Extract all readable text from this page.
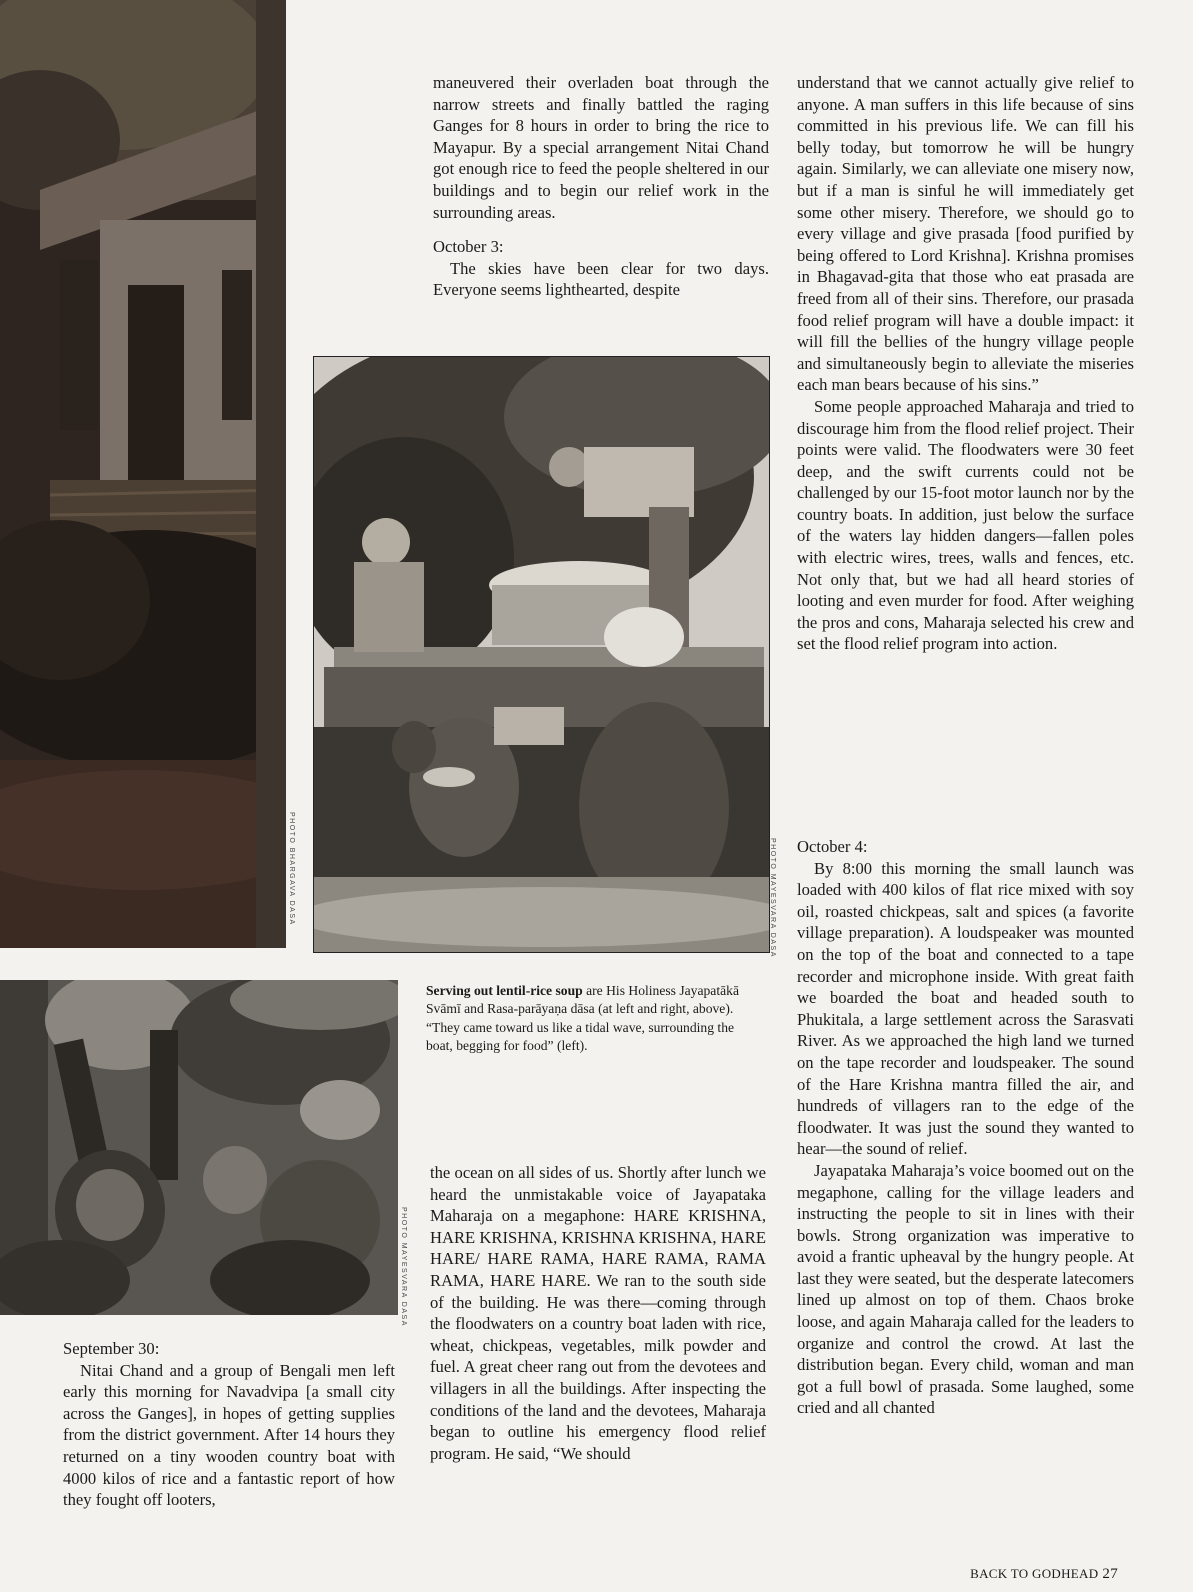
PHOTO BHARGAVA DASA	PHOTO MAYESVARA DASA
PHOTO MAYESVARA DASA

maneuvered their overladen boat through the narrow streets and finally battled the raging Ganges for 8 hours in order to bring the rice to Mayapur. By a special arrangement Nitai Chand got enough rice to feed the people sheltered in our buildings and to begin our relief work in the surrounding areas.

October 3:

The skies have been clear for two days. Everyone seems lighthearted, despite

Serving out lentil-rice soup are His Holiness Jayapatākā Svāmī and Rasa-parāyaṇa dāsa (at left and right, above). “They came toward us like a tidal wave, surrounding the boat, begging for food” (left).

the ocean on all sides of us. Shortly after lunch we heard the unmistakable voice of Jayapataka Maharaja on a megaphone: HARE KRISHNA, HARE KRISHNA, KRISHNA KRISHNA, HARE HARE/ HARE RAMA, HARE RAMA, RAMA RAMA, HARE HARE. We ran to the south side of the building. He was there—coming through the floodwaters on a country boat laden with rice, wheat, chickpeas, vegetables, milk powder and fuel. A great cheer rang out from the devotees and villagers in all the buildings. After inspecting the conditions of the land and the devotees, Maharaja began to outline his emergency flood relief program. He said, “We should

September 30:

Nitai Chand and a group of Bengali men left early this morning for Navadvipa [a small city across the Ganges], in hopes of getting supplies from the district government. After 14 hours they returned on a tiny wooden country boat with 4000 kilos of rice and a fantastic report of how they fought off looters,

understand that we cannot actually give relief to anyone. A man suffers in this life because of sins committed in his previous life. We can fill his belly today, but tomorrow he will be hungry again. Similarly, we can alleviate one misery now, but if a man is sinful he will immediately get some other misery. Therefore, we should go to every village and give prasada [food purified by being offered to Lord Krishna]. Krishna promises in Bhagavad-gita that those who eat prasada are freed from all of their sins. Therefore, our prasada food relief program will have a double impact: it will fill the bellies of the hungry village people and simultaneously begin to alleviate the miseries each man bears because of his sins.”

Some people approached Maharaja and tried to discourage him from the flood relief project. Their points were valid. The floodwaters were 30 feet deep, and the swift currents could not be challenged by our 15-foot motor launch nor by the country boats. In addition, just below the surface of the waters lay hidden dangers—fallen poles with electric wires, trees, walls and fences, etc. Not only that, but we had all heard stories of looting and even murder for food. After weighing the pros and cons, Maharaja selected his crew and set the flood relief program into action.

October 4:

By 8:00 this morning the small launch was loaded with 400 kilos of flat rice mixed with soy oil, roasted chickpeas, salt and spices (a favorite village preparation). A loudspeaker was mounted on the top of the boat and connected to a tape recorder and microphone inside. With great faith we boarded the boat and headed south to Phukitala, a large settlement across the Sarasvati River. As we approached the high land we turned on the tape recorder and loudspeaker. The sound of the Hare Krishna mantra filled the air, and hundreds of villagers ran to the edge of the floodwater. It was just the sound they wanted to hear—the sound of relief.

Jayapataka Maharaja’s voice boomed out on the megaphone, calling for the village leaders and instructing the people to sit in lines with their bowls. Strong organization was imperative to avoid a frantic upheaval by the hungry people. At last they were seated, but the desperate latecomers lined up almost on top of them. Chaos broke loose, and again Maharaja called for the leaders to organize and control the crowd. At last the distribution began. Every child, woman and man got a full bowl of prasada. Some laughed, some cried and all chanted

BACK TO GODHEAD 27
